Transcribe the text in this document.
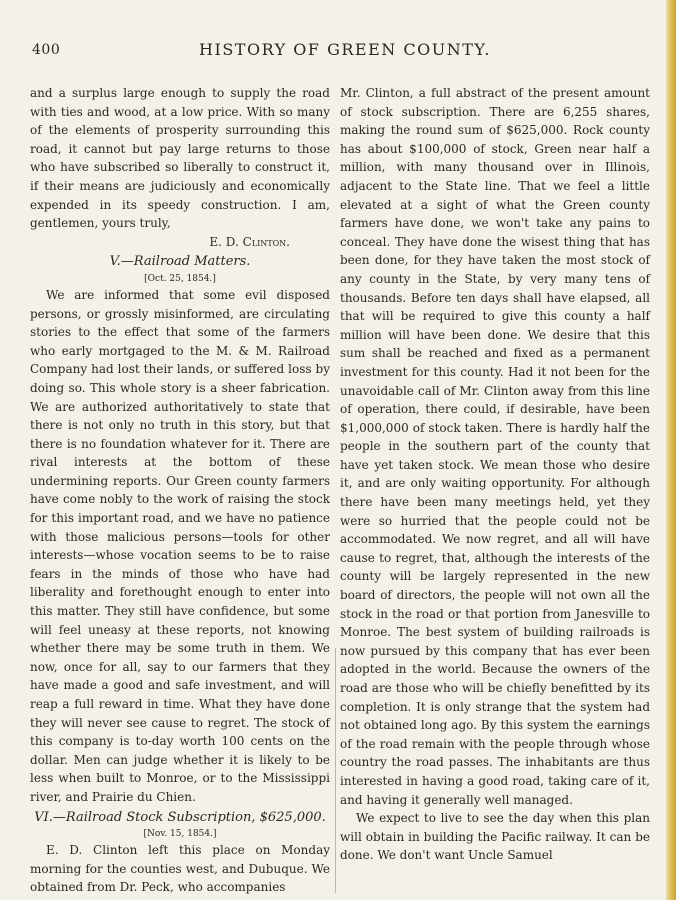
400	HISTORY OF GREEN COUNTY.

and a surplus large enough to supply the road with ties and wood, at a low price. With so many of the elements of prosperity surrounding this road, it cannot but pay large returns to those who have subscribed so liberally to construct it, if their means are judiciously and economically expended in its speedy construction. I am, gentlemen, yours truly,

E. D. Clinton.

V.—Railroad Matters.

[Oct. 25, 1854.]

We are informed that some evil disposed persons, or grossly misinformed, are circulating stories to the effect that some of the farmers who early mortgaged to the M. & M. Railroad Company had lost their lands, or suffered loss by doing so. This whole story is a sheer fabrication. We are authorized authoritatively to state that there is not only no truth in this story, but that there is no foundation whatever for it. There are rival interests at the bottom of these undermining reports. Our Green county farmers have come nobly to the work of raising the stock for this important road, and we have no patience with those malicious persons—tools for other interests—whose vocation seems to be to raise fears in the minds of those who have had liberality and forethought enough to enter into this matter. They still have confidence, but some will feel uneasy at these reports, not knowing whether there may be some truth in them. We now, once for all, say to our farmers that they have made a good and safe investment, and will reap a full reward in time. What they have done they will never see cause to regret. The stock of this company is to-day worth 100 cents on the dollar. Men can judge whether it is likely to be less when built to Monroe, or to the Mississippi river, and Prairie du Chien.

VI.—Railroad Stock Subscription, $625,000.

[Nov. 15, 1854.]

E. D. Clinton left this place on Monday morning for the counties west, and Dubuque. We obtained from Dr. Peck, who accompanies

Mr. Clinton, a full abstract of the present amount of stock subscription. There are 6,255 shares, making the round sum of $625,000. Rock county has about $100,000 of stock, Green near half a million, with many thousand over in Illinois, adjacent to the State line. That we feel a little elevated at a sight of what the Green county farmers have done, we won't take any pains to conceal. They have done the wisest thing that has been done, for they have taken the most stock of any county in the State, by very many tens of thousands. Before ten days shall have elapsed, all that will be required to give this county a half million will have been done. We desire that this sum shall be reached and fixed as a permanent investment for this county. Had it not been for the unavoidable call of Mr. Clinton away from this line of operation, there could, if desirable, have been $1,000,000 of stock taken. There is hardly half the people in the southern part of the county that have yet taken stock. We mean those who desire it, and are only waiting opportunity. For although there have been many meetings held, yet they were so hurried that the people could not be accommodated. We now regret, and all will have cause to regret, that, although the interests of the county will be largely represented in the new board of directors, the people will not own all the stock in the road or that portion from Janesville to Monroe. The best system of building railroads is now pursued by this company that has ever been adopted in the world. Because the owners of the road are those who will be chiefly benefitted by its completion. It is only strange that the system had not obtained long ago. By this system the earnings of the road remain with the people through whose country the road passes. The inhabitants are thus interested in having a good road, taking care of it, and having it generally well managed.

We expect to live to see the day when this plan will obtain in building the Pacific railway. It can be done. We don't want Uncle Samuel
